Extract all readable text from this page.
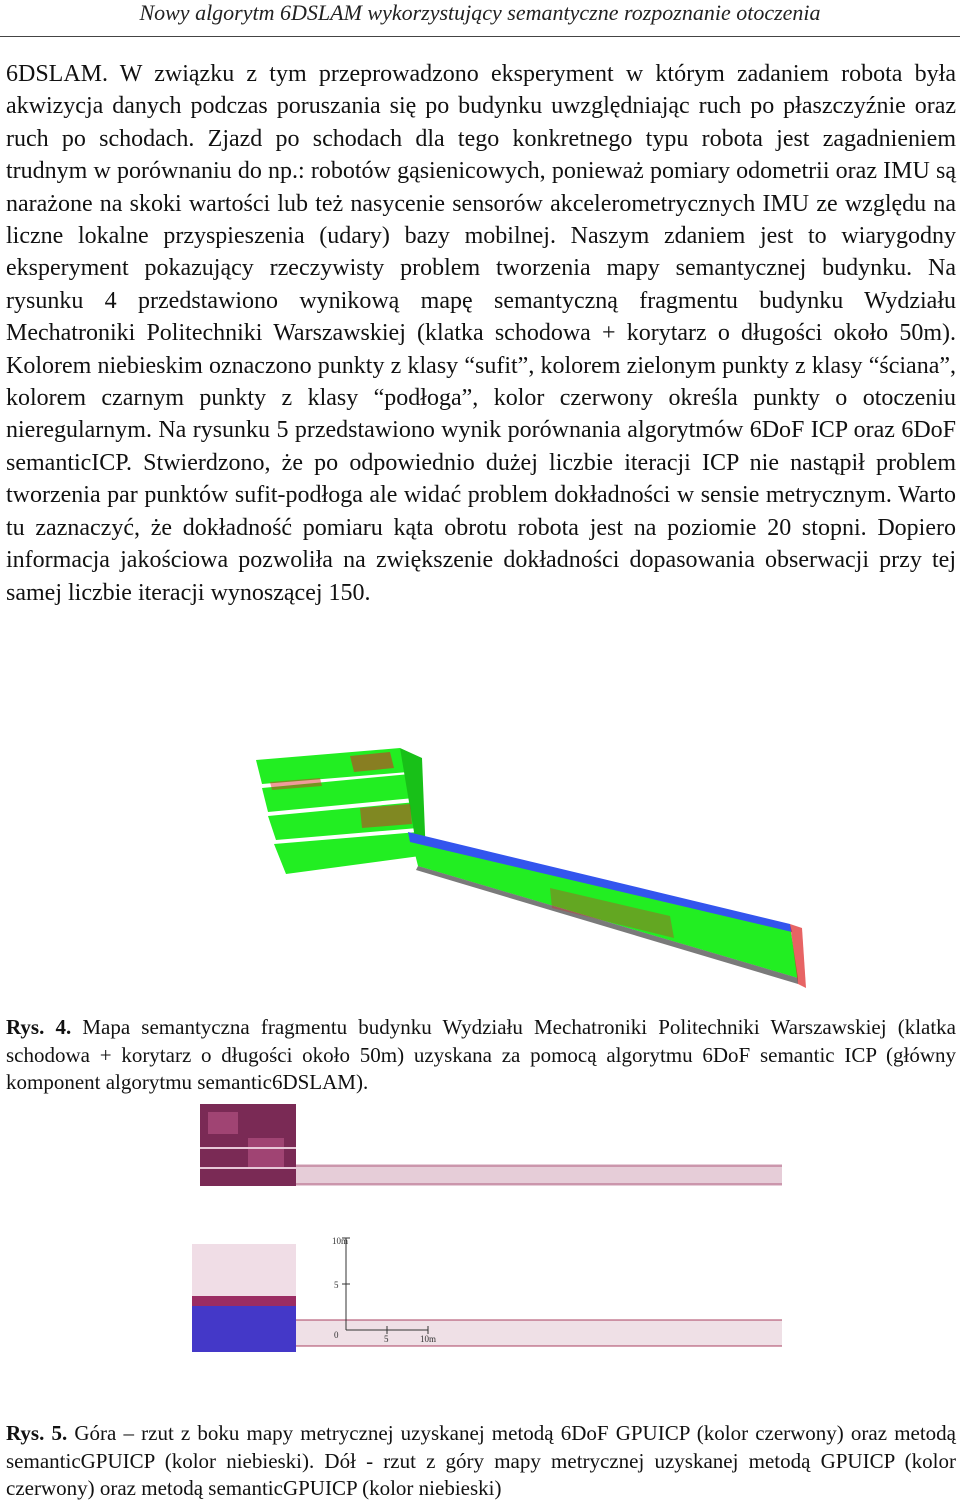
Nowy algorytm 6DSLAM wykorzystujący semantyczne rozpoznanie otoczenia

6DSLAM. W związku z tym przeprowadzono eksperyment w którym zadaniem robota była akwizycja danych podczas poruszania się po budynku uwzględniając ruch po płaszczyźnie oraz ruch po schodach. Zjazd po schodach dla tego konkretnego typu robota jest zagadnieniem trudnym w porównaniu do np.: robotów gąsienicowych, ponieważ pomiary odometrii oraz IMU są narażone na skoki wartości lub też nasycenie sensorów akcelerometrycznych IMU ze względu na liczne lokalne przyspieszenia (udary) bazy mobilnej. Naszym zdaniem jest to wiarygodny eksperyment pokazujący rzeczywisty problem tworzenia mapy semantycznej budynku. Na rysunku 4 przedstawiono wynikową mapę semantyczną fragmentu budynku Wydziału Mechatroniki Politechniki Warszawskiej (klatka schodowa + korytarz o długości około 50m). Kolorem niebieskim oznaczono punkty z klasy “sufit”, kolorem zielonym punkty z klasy “ściana”, kolorem czarnym punkty z klasy “podłoga”, kolor czerwony określa punkty o otoczeniu nieregularnym. Na rysunku 5 przedstawiono wynik porównania algorytmów 6DoF ICP oraz 6DoF semanticICP. Stwierdzono, że po odpowiednio dużej liczbie iteracji ICP nie nastąpił problem tworzenia par punktów sufit-podłoga ale widać problem dokładności w sensie metrycznym. Warto tu zaznaczyć, że dokładność pomiaru kąta obrotu robota jest na poziomie 20 stopni. Dopiero informacja jakościowa pozwoliła na zwiększenie dokładności dopasowania obserwacji przy tej samej liczbie iteracji wynoszącej 150.

Rys. 4. Mapa semantyczna fragmentu budynku Wydziału Mechatroniki Politechniki Warszawskiej (klatka schodowa + korytarz o długości około 50m) uzyskana za pomocą algorytmu 6DoF semantic ICP (główny komponent algorytmu semantic6DSLAM).

10m
5
0	5	10m

Rys. 5. Góra – rzut z boku mapy metrycznej uzyskanej metodą 6DoF GPUICP (kolor czerwony) oraz metodą semanticGPUICP (kolor niebieski). Dół - rzut z góry mapy metrycznej uzyskanej metodą GPUICP (kolor czerwony) oraz metodą semanticGPUICP (kolor niebieski)
